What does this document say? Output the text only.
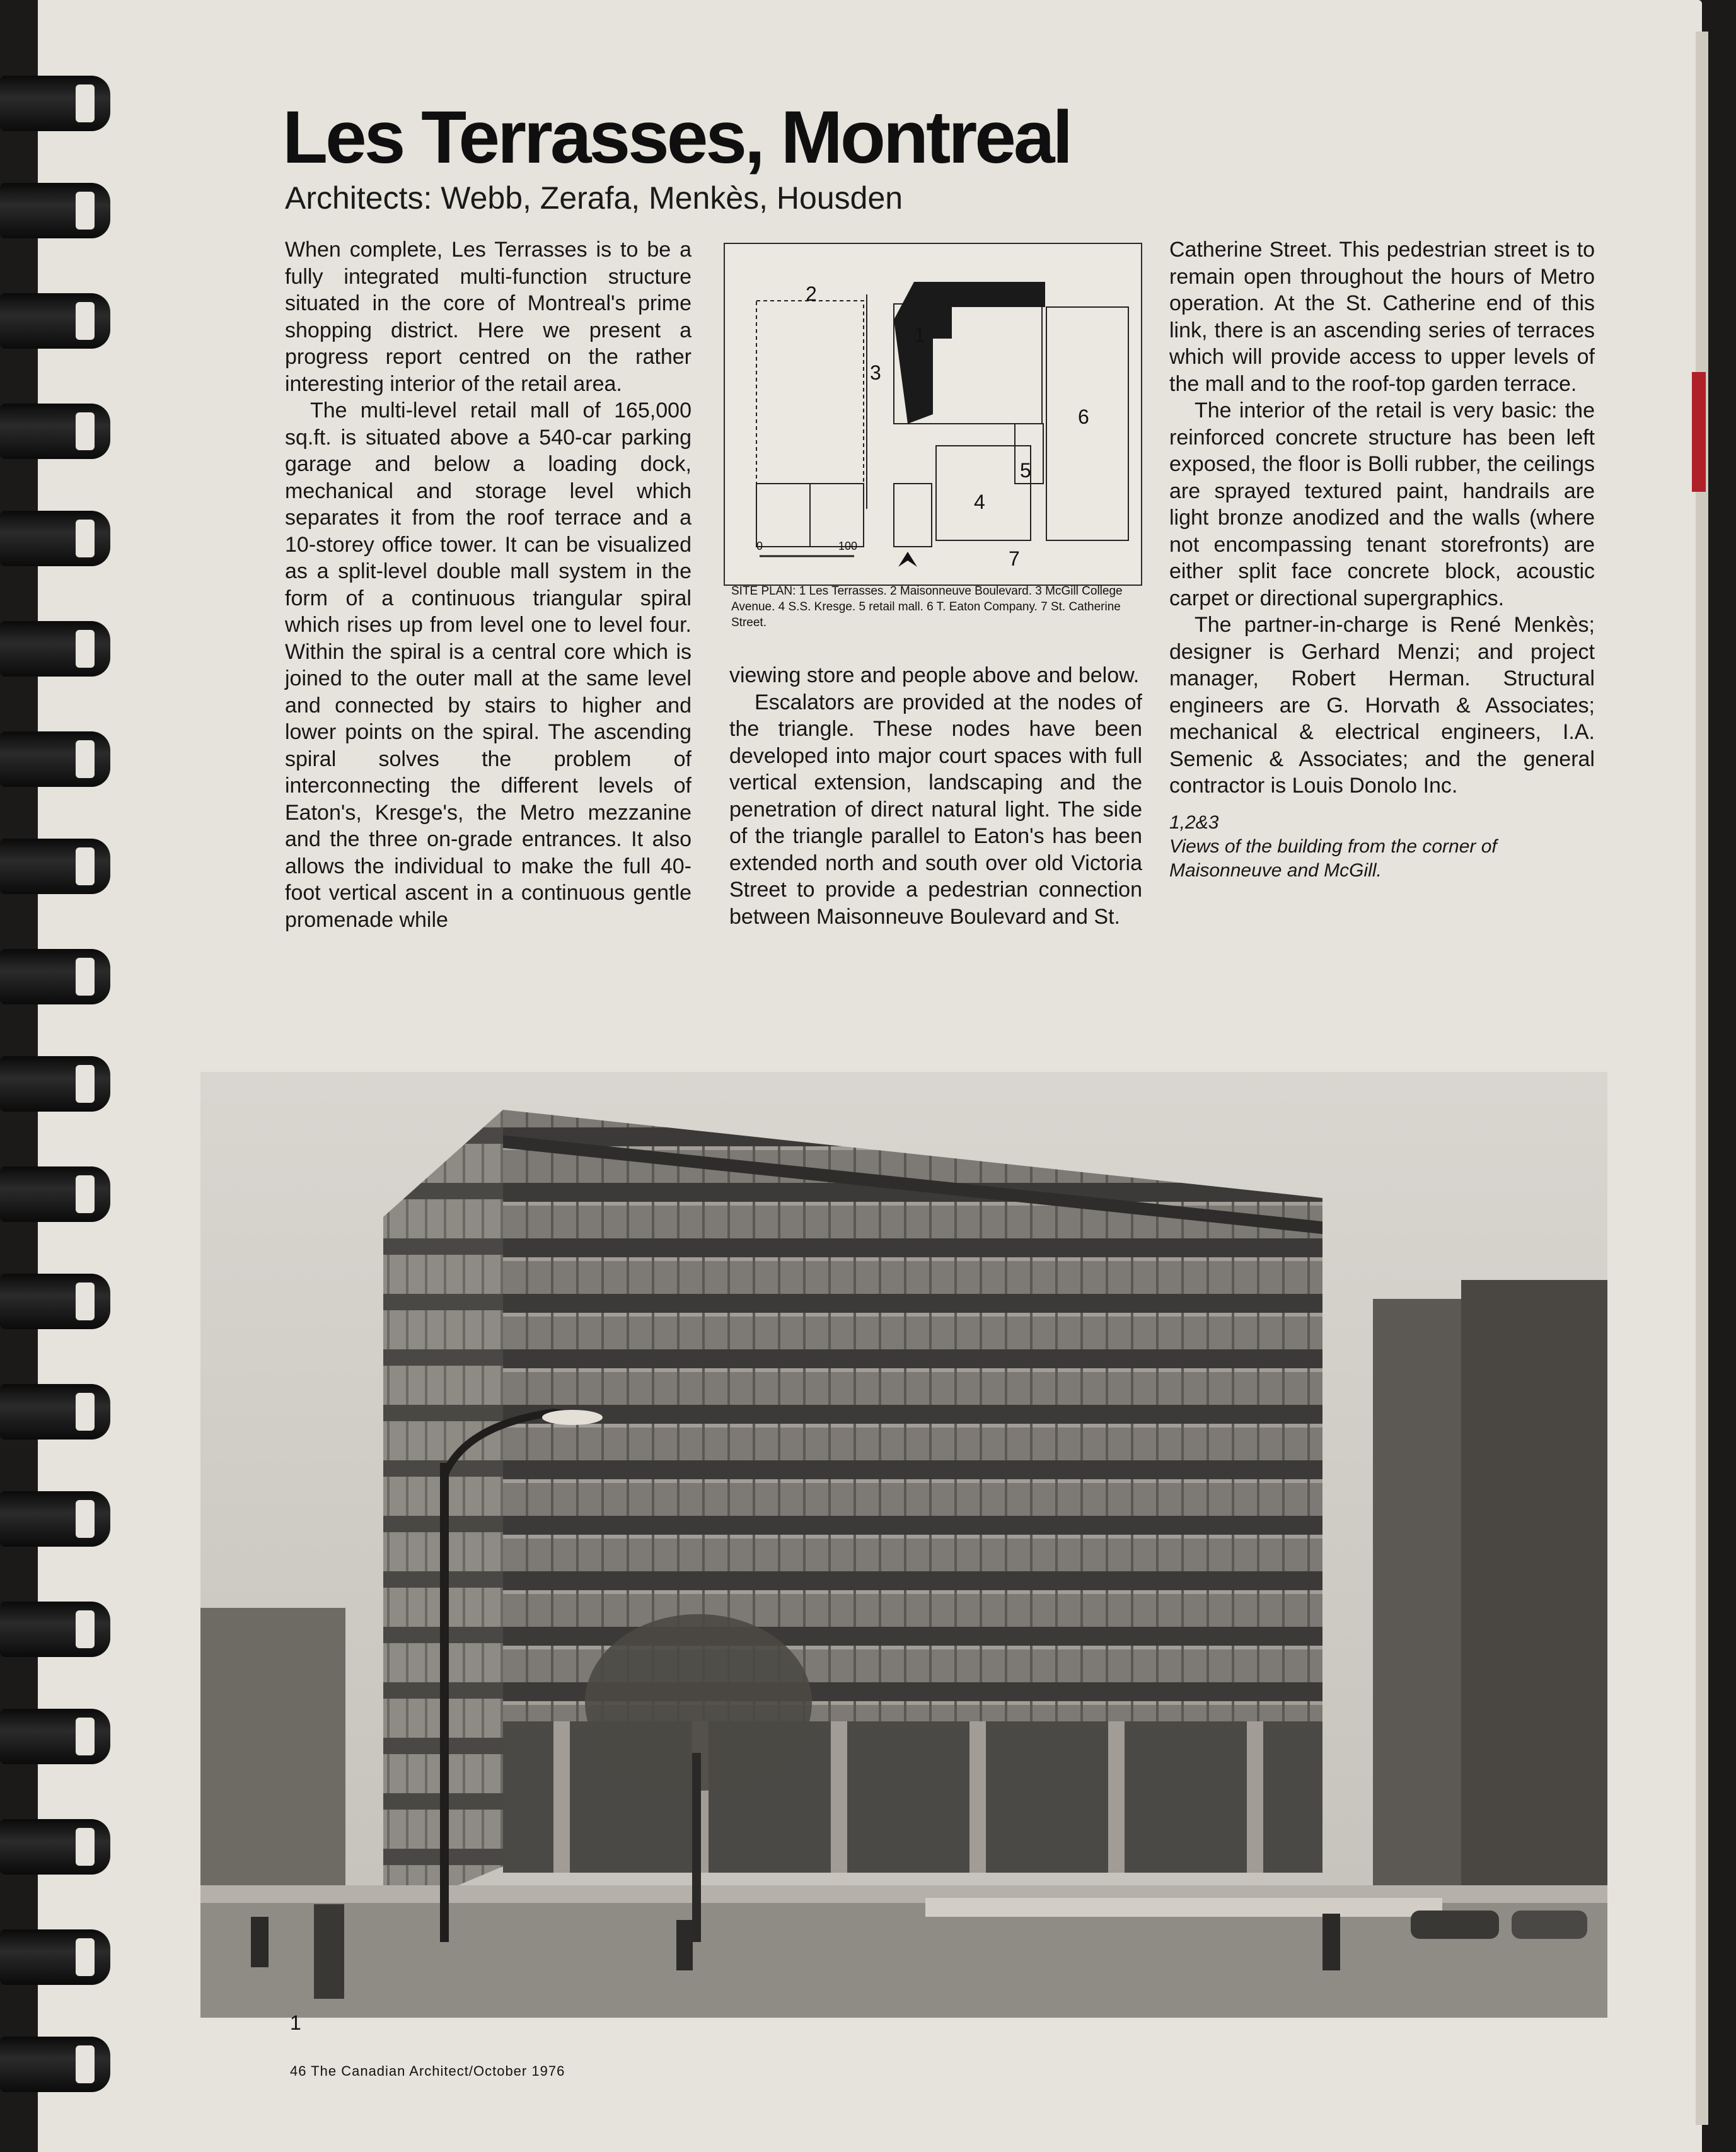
Les Terrasses, Montreal
Architects: Webb, Zerafa, Menkès, Housden

When complete, Les Terrasses is to be a fully integrated multi-function structure situated in the core of Montreal's prime shopping district. Here we present a progress report centred on the rather interesting interior of the retail area.

The multi-level retail mall of 165,000 sq.ft. is situated above a 540-car parking garage and below a loading dock, mechanical and storage level which separates it from the roof terrace and a 10-storey office tower. It can be visualized as a split-level double mall system in the form of a continuous triangular spiral which rises up from level one to level four. Within the spiral is a central core which is joined to the outer mall at the same level and connected by stairs to higher and lower points on the spiral. The ascending spiral solves the problem of interconnecting the different levels of Eaton's, Kresge's, the Metro mezzanine and the three on-grade entrances. It also allows the individual to make the full 40-foot vertical ascent in a continuous gentle promenade while

1
2
3
4
5
6
7
0	100
SITE PLAN: 1 Les Terrasses. 2 Maisonneuve Boulevard. 3 McGill College Avenue. 4 S.S. Kresge. 5 retail mall. 6 T. Eaton Company. 7 St. Catherine Street.

viewing store and people above and below.

Escalators are provided at the nodes of the triangle. These nodes have been developed into major court spaces with full vertical extension, landscaping and the penetration of direct natural light. The side of the triangle parallel to Eaton's has been extended north and south over old Victoria Street to provide a pedestrian connection between Maisonneuve Boulevard and St.

Catherine Street. This pedestrian street is to remain open throughout the hours of Metro operation. At the St. Catherine end of this link, there is an ascending series of terraces which will provide access to upper levels of the mall and to the roof-top garden terrace.

The interior of the retail is very basic: the reinforced concrete structure has been left exposed, the floor is Bolli rubber, the ceilings are sprayed textured paint, handrails are light bronze anodized and the walls (where not encompassing tenant storefronts) are either split face concrete block, acoustic carpet or directional supergraphics.

The partner-in-charge is René Menkès; designer is Gerhard Menzi; and project manager, Robert Herman. Structural engineers are G. Horvath & Associates; mechanical & electrical engineers, I.A. Semenic & Associates; and the general contractor is Louis Donolo Inc.

1,2&3
Views of the building from the corner of Maisonneuve and McGill.
1
46 The Canadian Architect/October 1976
